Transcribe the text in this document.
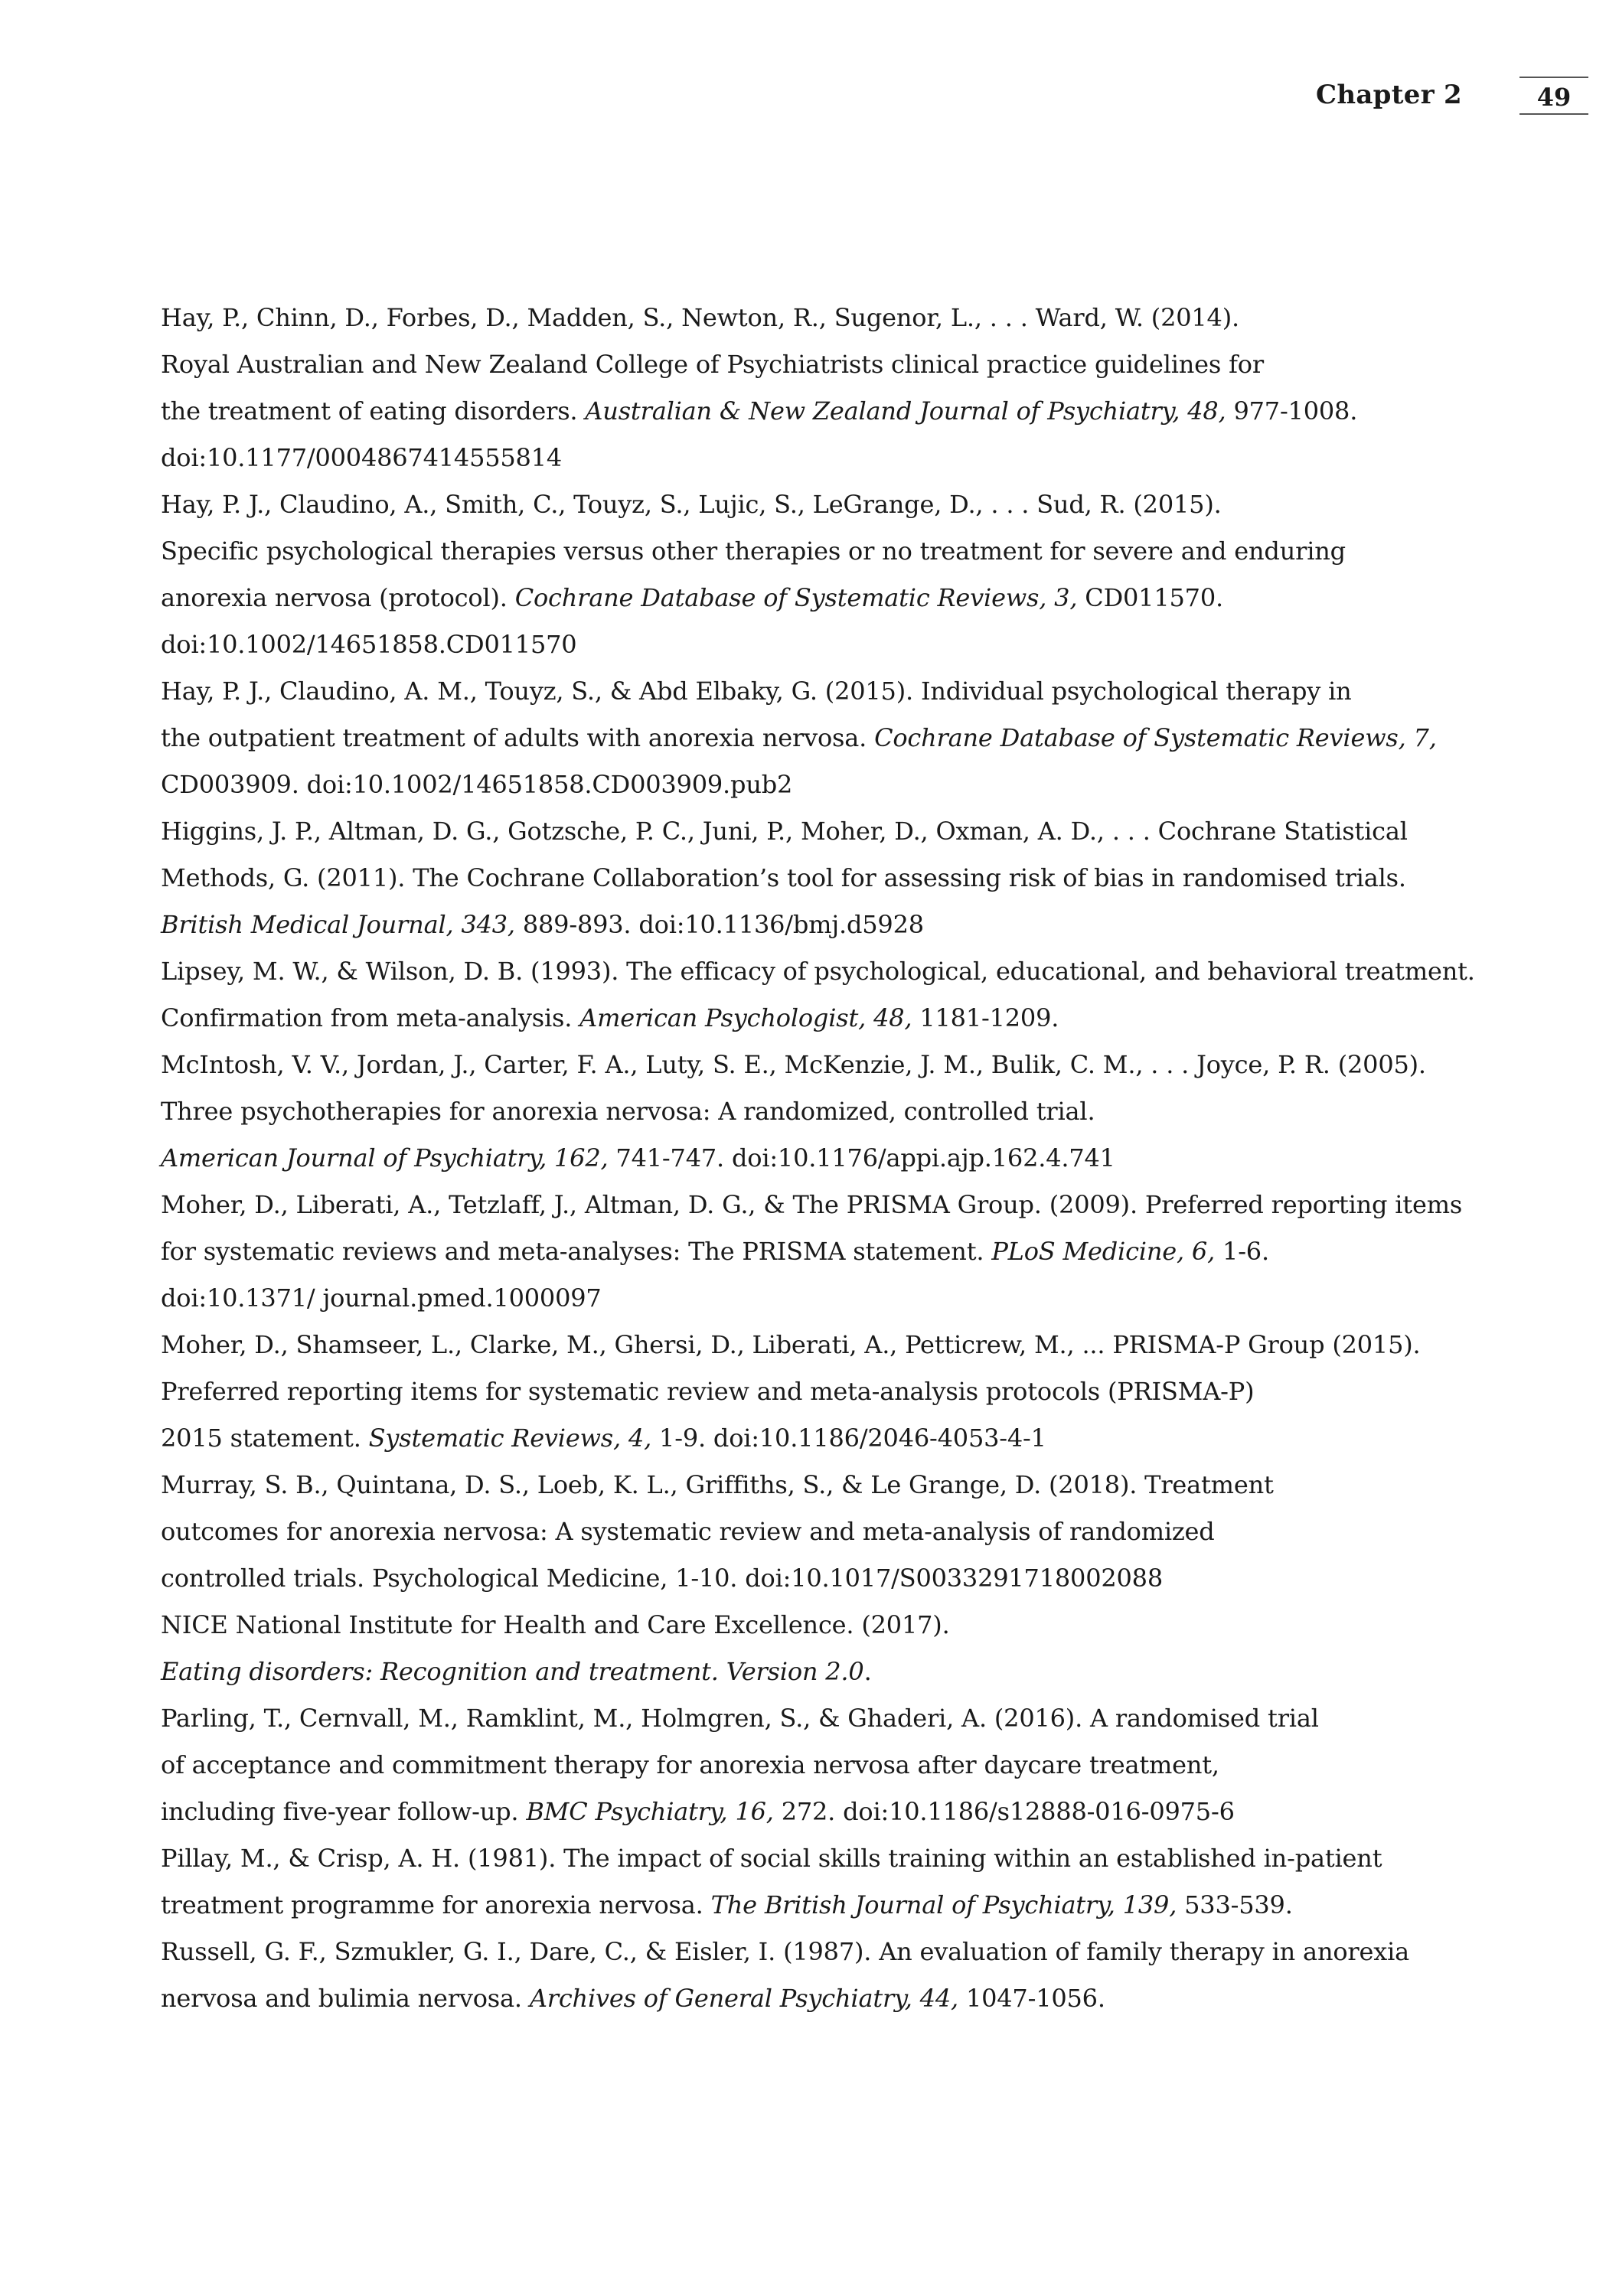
Chapter 2	49
Hay, P., Chinn, D., Forbes, D., Madden, S., Newton, R., Sugenor, L., . . . Ward, W. (2014).
Royal Australian and New Zealand College of Psychiatrists clinical practice guidelines for
the treatment of eating disorders. Australian & New Zealand Journal of Psychiatry, 48, 977-1008.
doi:10.1177/0004867414555814
Hay, P. J., Claudino, A., Smith, C., Touyz, S., Lujic, S., LeGrange, D., . . . Sud, R. (2015).
Specific psychological therapies versus other therapies or no treatment for severe and enduring
anorexia nervosa (protocol). Cochrane Database of Systematic Reviews, 3, CD011570.
doi:10.1002/14651858.CD011570
Hay, P. J., Claudino, A. M., Touyz, S., & Abd Elbaky, G. (2015). Individual psychological therapy in
the outpatient treatment of adults with anorexia nervosa. Cochrane Database of Systematic Reviews, 7,
CD003909. doi:10.1002/14651858.CD003909.pub2
Higgins, J. P., Altman, D. G., Gotzsche, P. C., Juni, P., Moher, D., Oxman, A. D., . . . Cochrane Statistical
Methods, G. (2011). The Cochrane Collaboration’s tool for assessing risk of bias in randomised trials.
British Medical Journal, 343, 889-893. doi:10.1136/bmj.d5928
Lipsey, M. W., & Wilson, D. B. (1993). The efficacy of psychological, educational, and behavioral treatment.
Confirmation from meta-analysis. American Psychologist, 48, 1181-1209.
McIntosh, V. V., Jordan, J., Carter, F. A., Luty, S. E., McKenzie, J. M., Bulik, C. M., . . . Joyce, P. R. (2005).
Three psychotherapies for anorexia nervosa: A randomized, controlled trial.
American Journal of Psychiatry, 162, 741-747. doi:10.1176/appi.ajp.162.4.741
Moher, D., Liberati, A., Tetzlaff, J., Altman, D. G., & The PRISMA Group. (2009). Preferred reporting items
for systematic reviews and meta-analyses: The PRISMA statement. PLoS Medicine, 6, 1-6.
doi:10.1371/ journal.pmed.1000097
Moher, D., Shamseer, L., Clarke, M., Ghersi, D., Liberati, A., Petticrew, M., ... PRISMA-P Group (2015).
Preferred reporting items for systematic review and meta-analysis protocols (PRISMA-P)
2015 statement. Systematic Reviews, 4, 1-9. doi:10.1186/2046-4053-4-1
Murray, S. B., Quintana, D. S., Loeb, K. L., Griffiths, S., & Le Grange, D. (2018). Treatment
outcomes for anorexia nervosa: A systematic review and meta-analysis of randomized
controlled trials. Psychological Medicine, 1-10. doi:10.1017/S0033291718002088
NICE National Institute for Health and Care Excellence. (2017).
Eating disorders: Recognition and treatment. Version 2.0.
Parling, T., Cernvall, M., Ramklint, M., Holmgren, S., & Ghaderi, A. (2016). A randomised trial
of acceptance and commitment therapy for anorexia nervosa after daycare treatment,
including five-year follow-up. BMC Psychiatry, 16, 272. doi:10.1186/s12888-016-0975-6
Pillay, M., & Crisp, A. H. (1981). The impact of social skills training within an established in-patient
treatment programme for anorexia nervosa. The British Journal of Psychiatry, 139, 533-539.
Russell, G. F., Szmukler, G. I., Dare, C., & Eisler, I. (1987). An evaluation of family therapy in anorexia
nervosa and bulimia nervosa. Archives of General Psychiatry, 44, 1047-1056.
